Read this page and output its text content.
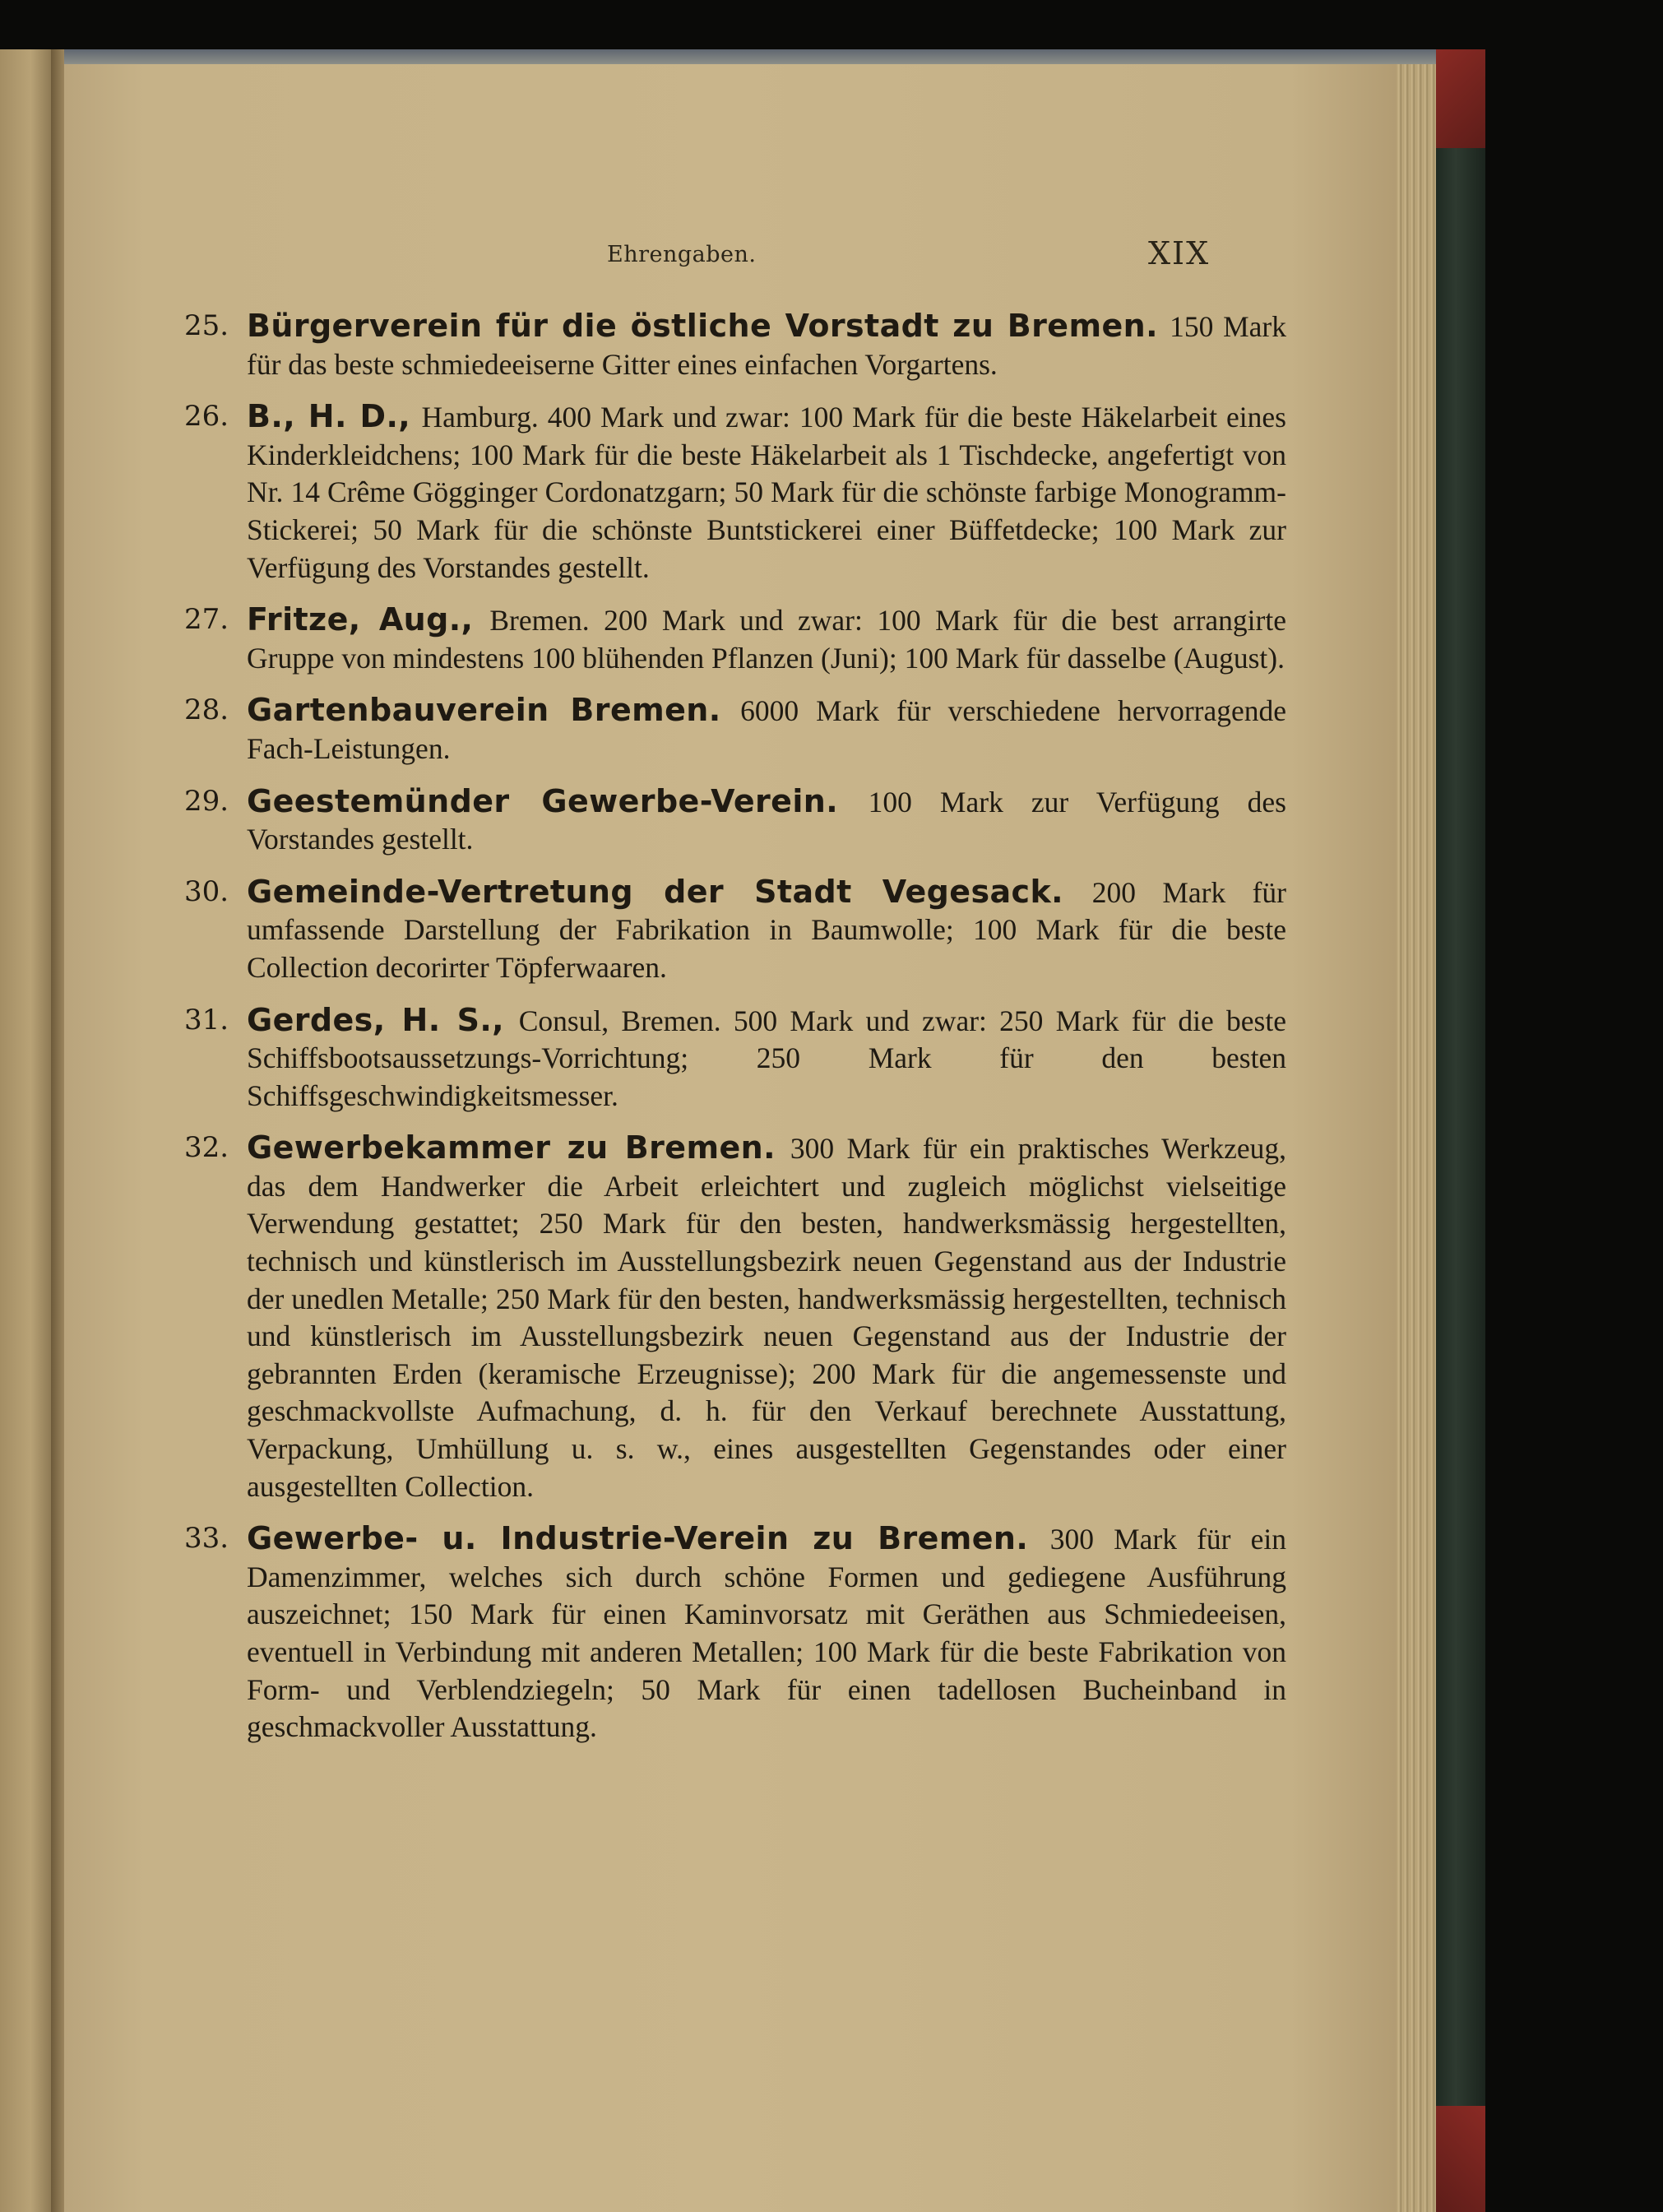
Ehrengaben.	XIX
25. Bürgerverein für die östliche Vorstadt zu Bremen. 150 Mark für das beste schmiedeeiserne Gitter eines einfachen Vorgartens.
26. B., H. D., Hamburg. 400 Mark und zwar: 100 Mark für die beste Häkelarbeit eines Kinderkleidchens; 100 Mark für die beste Häkelarbeit als 1 Tischdecke, angefertigt von Nr. 14 Crême Gögginger Cordonatzgarn; 50 Mark für die schönste farbige Monogramm-Stickerei; 50 Mark für die schönste Buntstickerei einer Büffetdecke; 100 Mark zur Verfügung des Vorstandes gestellt.
27. Fritze, Aug., Bremen. 200 Mark und zwar: 100 Mark für die best arrangirte Gruppe von mindestens 100 blühenden Pflanzen (Juni); 100 Mark für dasselbe (August).
28. Gartenbauverein Bremen. 6000 Mark für verschiedene hervorragende Fach-Leistungen.
29. Geestemünder Gewerbe-Verein. 100 Mark zur Verfügung des Vorstandes gestellt.
30. Gemeinde-Vertretung der Stadt Vegesack. 200 Mark für umfassende Darstellung der Fabrikation in Baumwolle; 100 Mark für die beste Collection decorirter Töpferwaaren.
31. Gerdes, H. S., Consul, Bremen. 500 Mark und zwar: 250 Mark für die beste Schiffsbootsaussetzungs-Vorrichtung; 250 Mark für den besten Schiffsgeschwindigkeitsmesser.
32. Gewerbekammer zu Bremen. 300 Mark für ein praktisches Werkzeug, das dem Handwerker die Arbeit erleichtert und zugleich möglichst vielseitige Verwendung gestattet; 250 Mark für den besten, handwerksmässig hergestellten, technisch und künstlerisch im Ausstellungsbezirk neuen Gegenstand aus der Industrie der unedlen Metalle; 250 Mark für den besten, handwerksmässig hergestellten, technisch und künstlerisch im Ausstellungsbezirk neuen Gegenstand aus der Industrie der gebrannten Erden (keramische Erzeugnisse); 200 Mark für die angemessenste und geschmackvollste Aufmachung, d. h. für den Verkauf berechnete Ausstattung, Verpackung, Umhüllung u. s. w., eines ausgestellten Gegenstandes oder einer ausgestellten Collection.
33. Gewerbe- u. Industrie-Verein zu Bremen. 300 Mark für ein Damenzimmer, welches sich durch schöne Formen und gediegene Ausführung auszeichnet; 150 Mark für einen Kaminvorsatz mit Geräthen aus Schmiedeeisen, eventuell in Verbindung mit anderen Metallen; 100 Mark für die beste Fabrikation von Form- und Verblendziegeln; 50 Mark für einen tadellosen Bucheinband in geschmackvoller Ausstattung.
